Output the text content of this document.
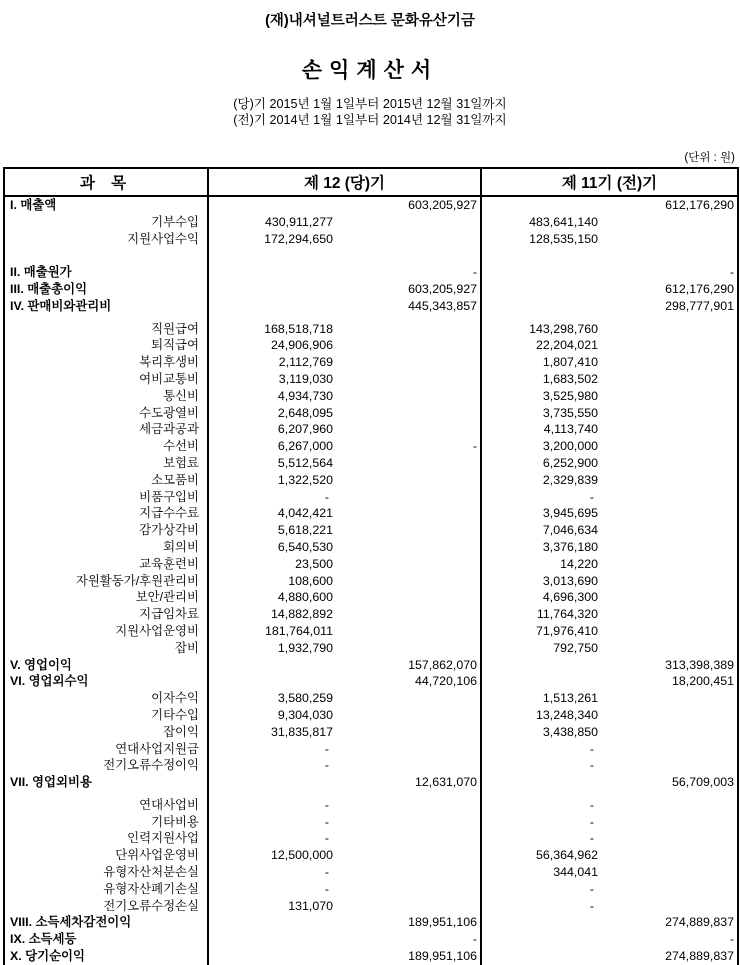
(재)내셔널트러스트 문화유산기금
손익계산서
(당)기 2015년 1월 1일부터 2015년 12월 31일까지
(전)기 2014년 1월 1일부터 2014년 12월 31일까지
(단위 : 원)
과 목	제 12 (당)기	제 11기 (전)기

I. 매출액	603,205,927	612,176,290

기부수입	430,911,277	483,641,140

지원사업수익	172,294,650	128,535,150

II. 매출원가	-	-

III. 매출총이익	603,205,927	612,176,290

IV. 판매비와관리비	445,343,857	298,777,901

직원급여	168,518,718	143,298,760

퇴직급여	24,906,906	22,204,021

복리후생비	2,112,769	1,807,410

여비교통비	3,119,030	1,683,502

통신비	4,934,730	3,525,980

수도광열비	2,648,095	3,735,550

세금과공과	6,207,960	4,113,740

수선비	6,267,000 -	3,200,000

보험료	5,512,564	6,252,900

소모품비	1,322,520	2,329,839

비품구입비	-	-

지급수수료	4,042,421	3,945,695

감가상각비	5,618,221	7,046,634

회의비	6,540,530	3,376,180

교육훈련비	23,500	14,220

자원활동가/후원관리비	108,600	3,013,690

보안/관리비	4,880,600	4,696,300

지급임차료	14,882,892	11,764,320

지원사업운영비	181,764,011	71,976,410

잡비	1,932,790	792,750

V. 영업이익	157,862,070	313,398,389

VI. 영업외수익	44,720,106	18,200,451

이자수익	3,580,259	1,513,261

기타수입	9,304,030	13,248,340

잡이익	31,835,817	3,438,850

연대사업지원금	-	-

전기오류수정이익	-	-

VII. 영업외비용	12,631,070	56,709,003

연대사업비	-	-

기타비용	-	-

인력지원사업	-	-

단위사업운영비	12,500,000	56,364,962

유형자산처분손실	-	344,041

유형자산폐기손실	-	-

전기오류수정손실	131,070	-

VIII. 소득세차감전이익	189,951,106	274,889,837

IX. 소득세등	-	-

X. 당기순이익	189,951,106	274,889,837
